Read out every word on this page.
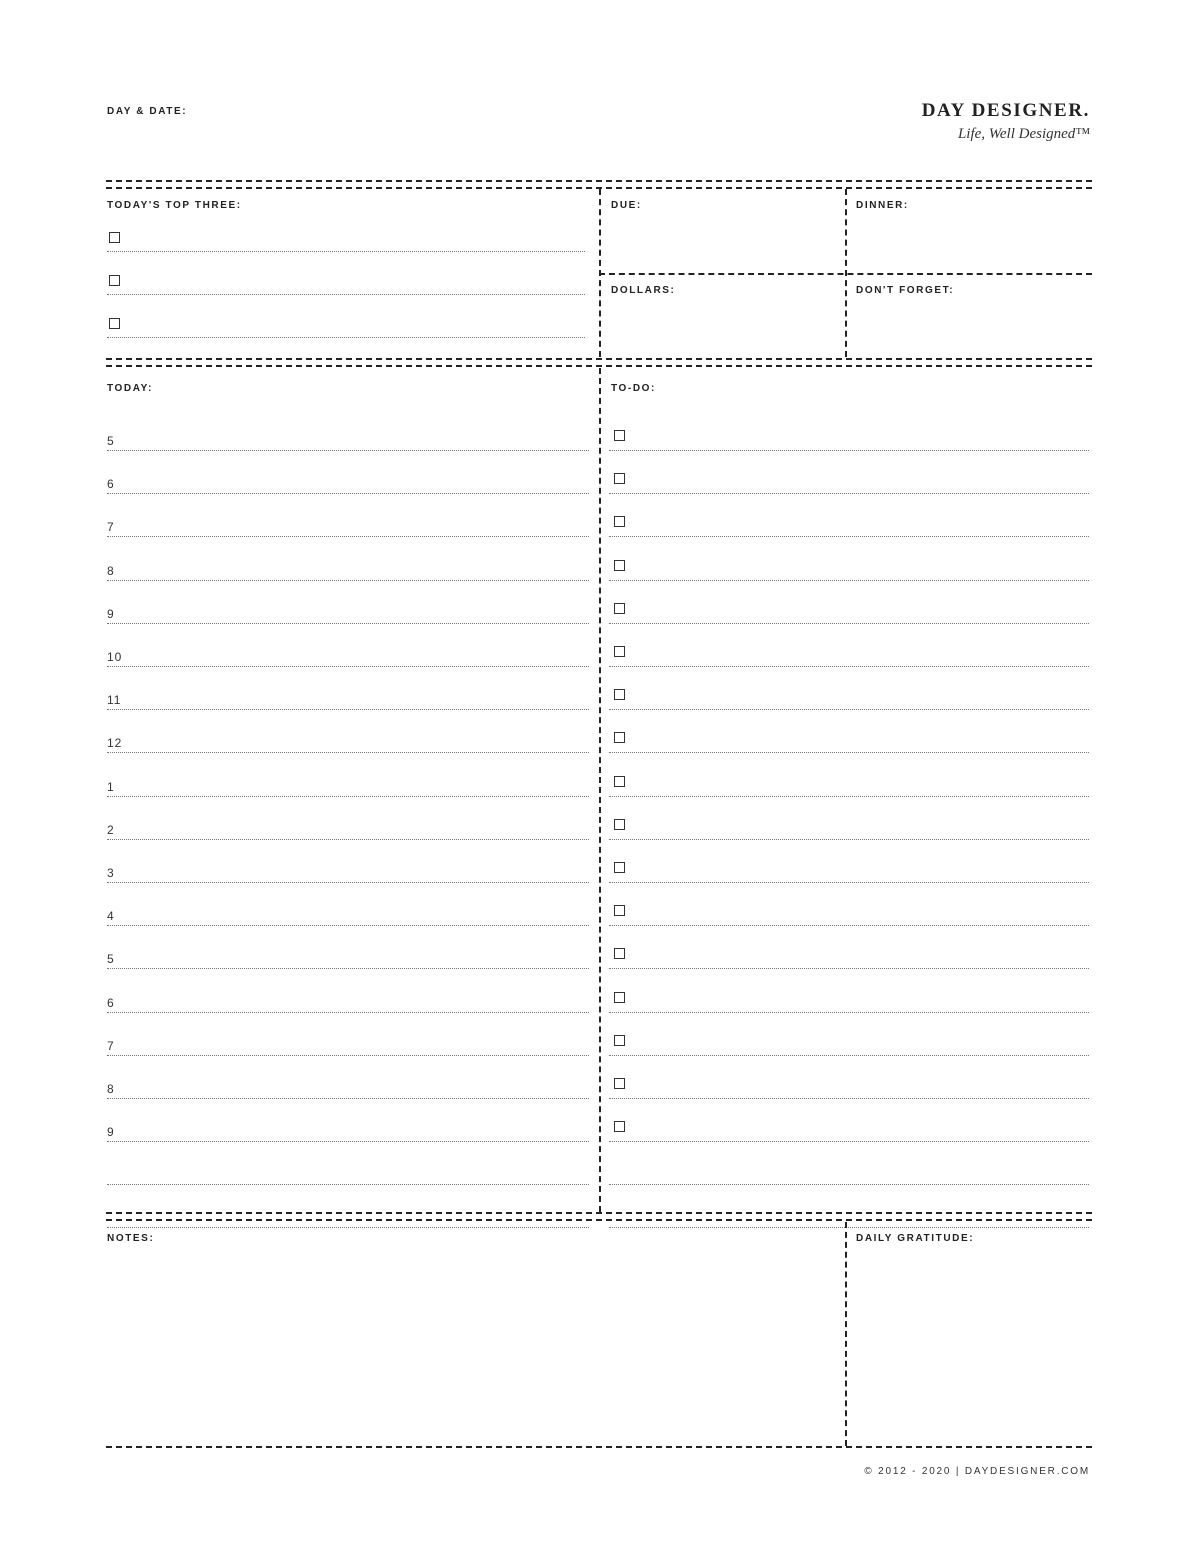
DAY & DATE:	DAY DESIGNER.
Life, Well Designed™
TODAY'S TOP THREE:	DUE:	DINNER:
DOLLARS:	DON'T FORGET:
TODAY:	TO-DO:
5
6
7
8
9
10
11
12
1
2
3
4
5
6
7
8
9
NOTES:	DAILY GRATITUDE:
© 2012 - 2020 | DAYDESIGNER.COM
